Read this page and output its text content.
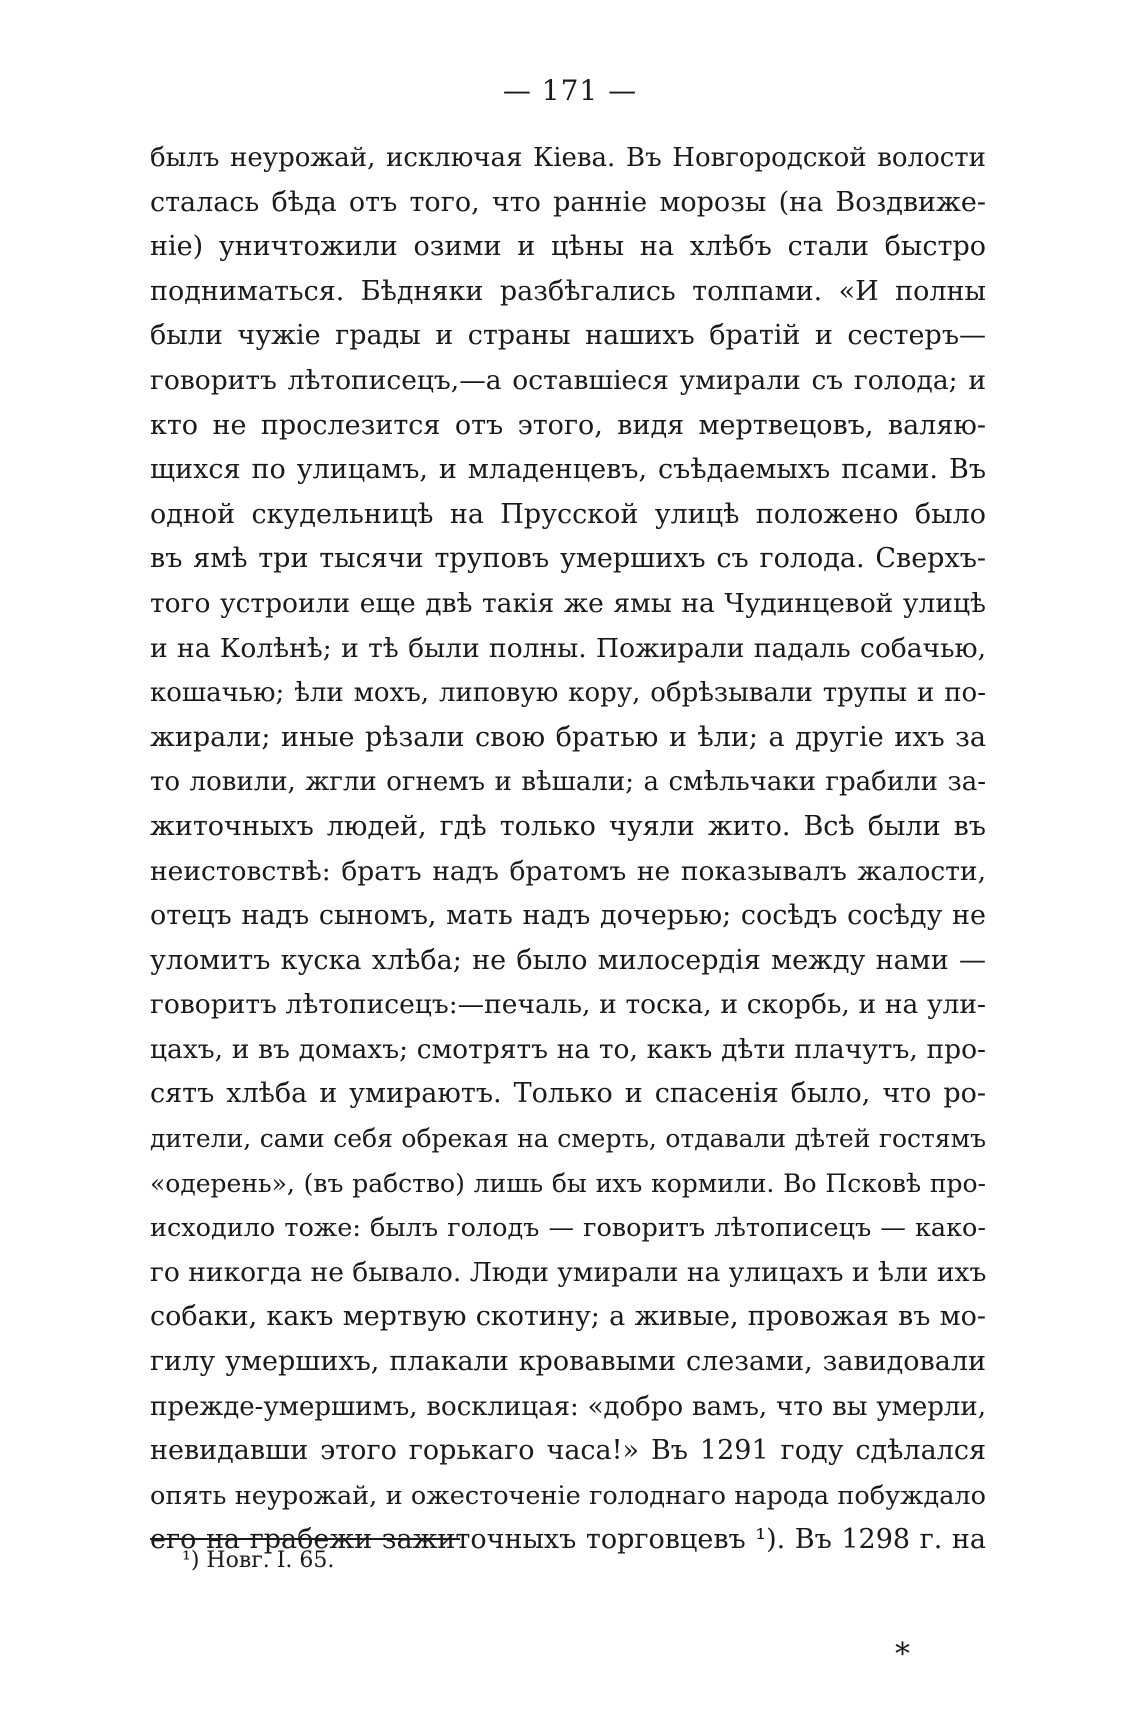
— 171 —
былъ неурожай, исключая Кіева. Въ Новгородской волости
сталась бѣда отъ того, что ранніе морозы (на Воздвиже-
ніе) уничтожили озими и цѣны на хлѣбъ стали быстро
подниматься. Бѣдняки разбѣгались толпами. «И полны
были чужіе грады и страны нашихъ братій и сестеръ—
говоритъ лѣтописецъ,—а оставшіеся умирали съ голода; и
кто не прослезится отъ этого, видя мертвецовъ, валяю-
щихся по улицамъ, и младенцевъ, съѣдаемыхъ псами. Въ
одной скудельницѣ на Прусской улицѣ положено было
въ ямѣ три тысячи труповъ умершихъ съ голода. Сверхъ-
того устроили еще двѣ такія же ямы на Чудинцевой улицѣ
и на Колѣнѣ; и тѣ были полны. Пожирали падаль собачью,
кошачью; ѣли мохъ, липовую кору, обрѣзывали трупы и по-
жирали; иные рѣзали свою братью и ѣли; а другіе ихъ за
то ловили, жгли огнемъ и вѣшали; а смѣльчаки грабили за-
житочныхъ людей, гдѣ только чуяли жито. Всѣ были въ
неистовствѣ: братъ надъ братомъ не показывалъ жалости,
отецъ надъ сыномъ, мать надъ дочерью; сосѣдъ сосѣду не
уломитъ куска хлѣба; не было милосердія между нами —
говоритъ лѣтописецъ:—печаль, и тоска, и скорбь, и на ули-
цахъ, и въ домахъ; смотрятъ на то, какъ дѣти плачутъ, про-
сятъ хлѣба и умираютъ. Только и спасенія было, что ро-
дители, сами себя обрекая на смерть, отдавали дѣтей гостямъ
«одерень», (въ рабство) лишь бы ихъ кормили. Во Псковѣ про-
исходило тоже: былъ голодъ — говоритъ лѣтописецъ — како-
го никогда не бывало. Люди умирали на улицахъ и ѣли ихъ
собаки, какъ мертвую скотину; а живые, провожая въ мо-
гилу умершихъ, плакали кровавыми слезами, завидовали
прежде-умершимъ, восклицая: «добро вамъ, что вы умерли,
невидавши этого горькаго часа!» Въ 1291 году сдѣлался
опять неурожай, и ожесточеніе голоднаго народа побуждало
его на грабежи зажиточныхъ торговцевъ ¹). Въ 1298 г. на
¹) Новг. I. 65.
*
